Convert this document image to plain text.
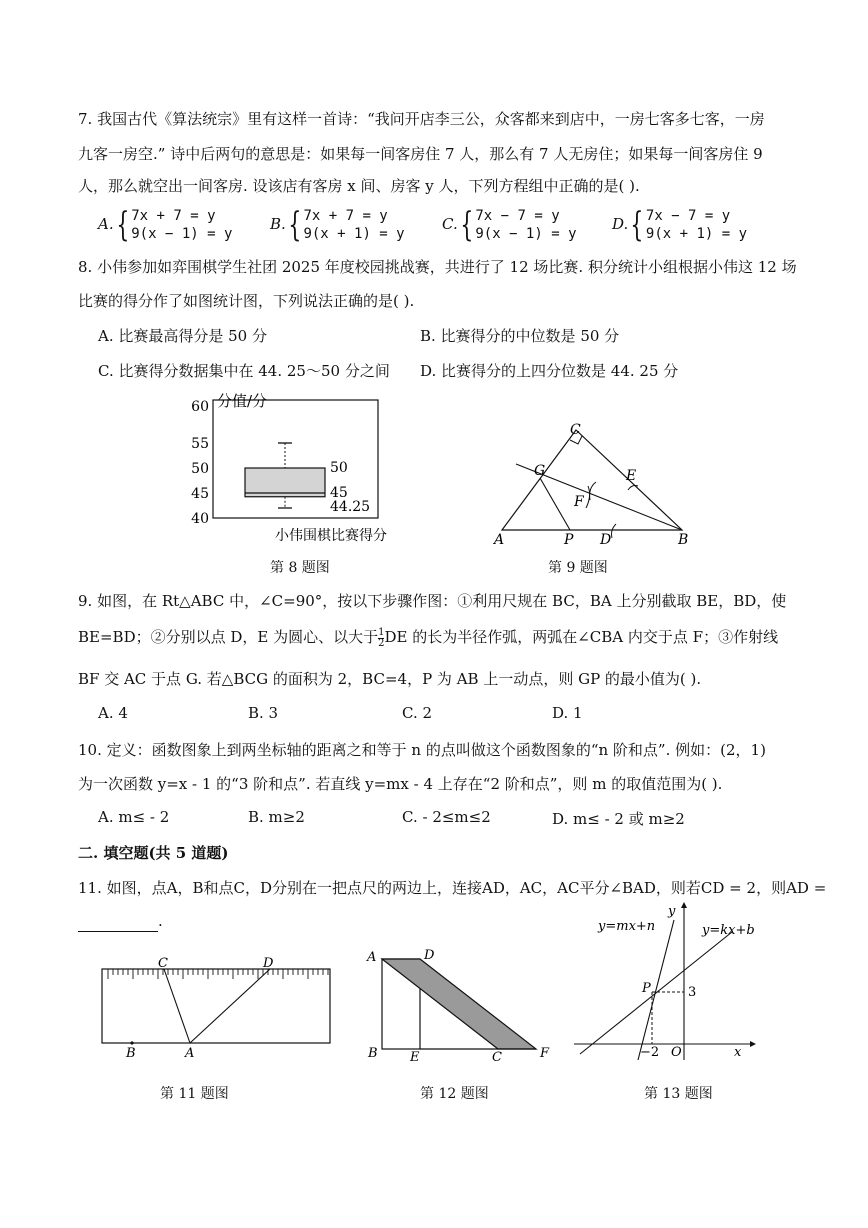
7. 我国古代《算法统宗》里有这样一首诗：“我问开店李三公，众客都来到店中，一房七客多七客，一房
九客一房空.” 诗中后两句的意思是：如果每一间客房住 7 人，那么有 7 人无房住；如果每一间客房住 9
人，那么就空出一间客房. 设该店有客房 x 间、房客 y 人，下列方程组中正确的是( ).
A. { 7x + 7 = y
9(x − 1) = y
B. { 7x + 7 = y
9(x + 1) = y
C. { 7x − 7 = y
9(x − 1) = y
D. { 7x − 7 = y
9(x + 1) = y
8. 小伟参加如弈围棋学生社团 2025 年度校园挑战赛，共进行了 12 场比赛. 积分统计小组根据小伟这 12 场
比赛的得分作了如图统计图，下列说法正确的是( ).
A. 比赛最高得分是 50 分	B. 比赛得分的中位数是 50 分
C. 比赛得分数据集中在 44. 25～50 分之间 D. 比赛得分的上四分位数是 44. 25 分
分值/分
小伟围棋比赛得分
60
55
50
45
40
50
45
44.25
第 8 题图
C
G	E
F
A	P D	B
第 9 题图
9. 如图，在 Rt△ABC 中，∠C=90°，按以下步骤作图：①利用尺规在 BC，BA 上分别截取 BE，BD，使
BE=BD；②分别以点 D，E 为圆心、以大于 $\frac{1}{2}$ DE 的长为半径作弧，两弧在∠CBA 内交于点 F；③作射线
BF 交 AC 于点 G. 若△BCG 的面积为 2，BC=4，P 为 AB 上一动点，则 GP 的最小值为( ).
A. 4	B. 3	C. 2	D. 1
10. 定义：函数图象上到两坐标轴的距离之和等于 n 的点叫做这个函数图象的“n 阶和点”. 例如：(2，1)
为一次函数 y=x - 1 的“3 阶和点”. 若直线 y=mx - 4 上存在“2 阶和点”，则 m 的取值范围为( ).
A. m≤ - 2	B. m≥2	C. - 2≤m≤2	D. m≤ - 2 或 m≥2
二. 填空题(共 5 道题)
11. 如图，点A，B和点C，D分别在一把点尺的两边上，连接AD，AC，AC平分∠BAD，则若CD = 2，则AD =
.
C	D
B	A
第 11 题图
A	D
B E	C	F
第 12 题图
y
y=mx+n	y=kx+b
P	3
−2 O	x
第 13 题图
